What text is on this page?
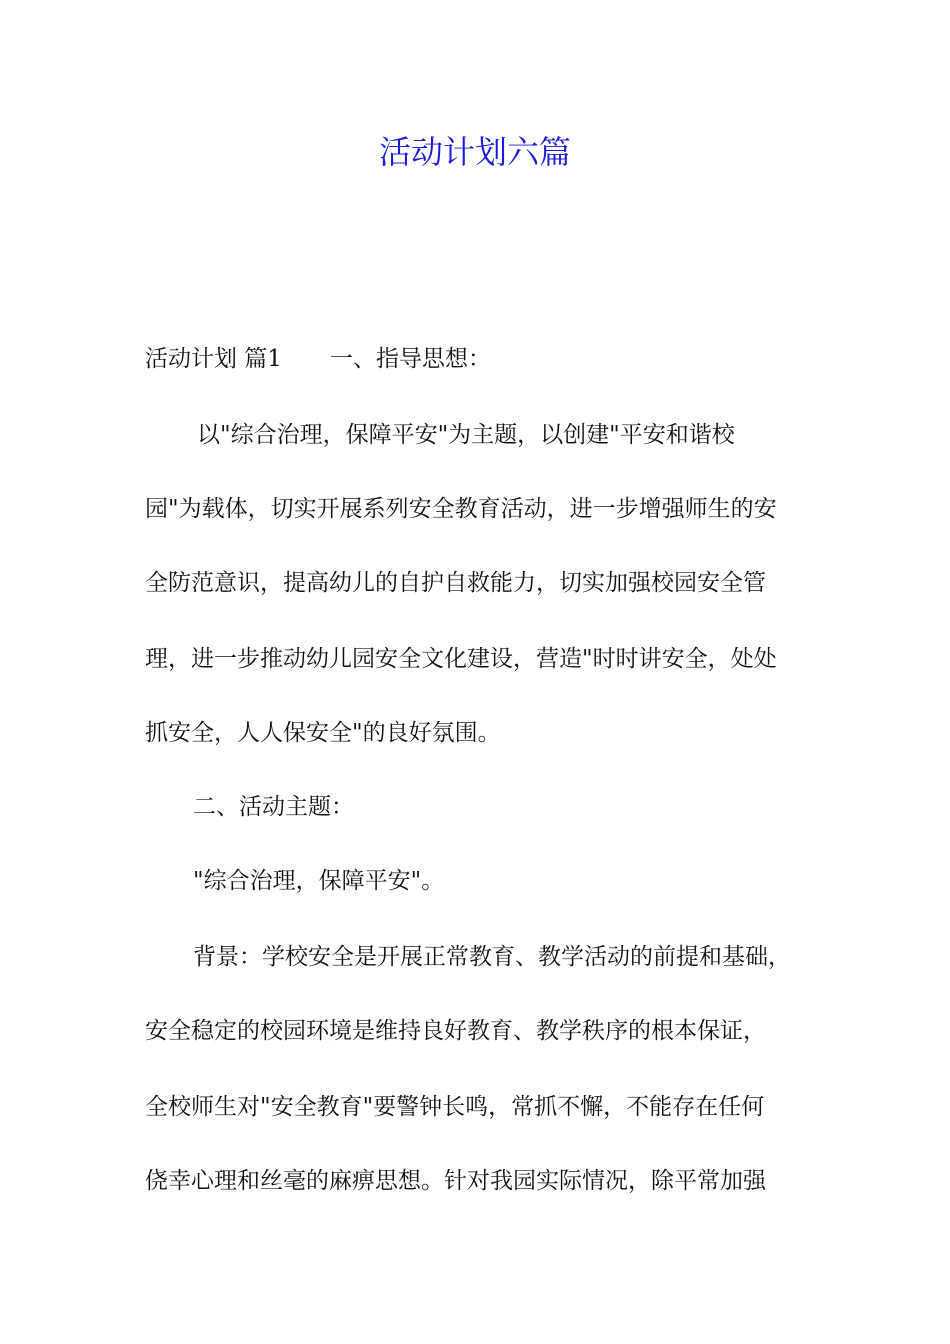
活动计划六篇

活动计划 篇1 一、指导思想：

以"综合治理，保障平安"为主题，以创建"平安和谐校

园"为载体，切实开展系列安全教育活动，进一步增强师生的安

全防范意识，提高幼儿的自护自救能力，切实加强校园安全管

理，进一步推动幼儿园安全文化建设，营造"时时讲安全，处处

抓安全，人人保安全"的良好氛围。

二、活动主题：

"综合治理，保障平安"。

背景：学校安全是开展正常教育、教学活动的前提和基础，

安全稳定的校园环境是维持良好教育、教学秩序的根本保证，

全校师生对"安全教育"要警钟长鸣，常抓不懈，不能存在任何

侥幸心理和丝毫的麻痹思想。针对我园实际情况，除平常加强
